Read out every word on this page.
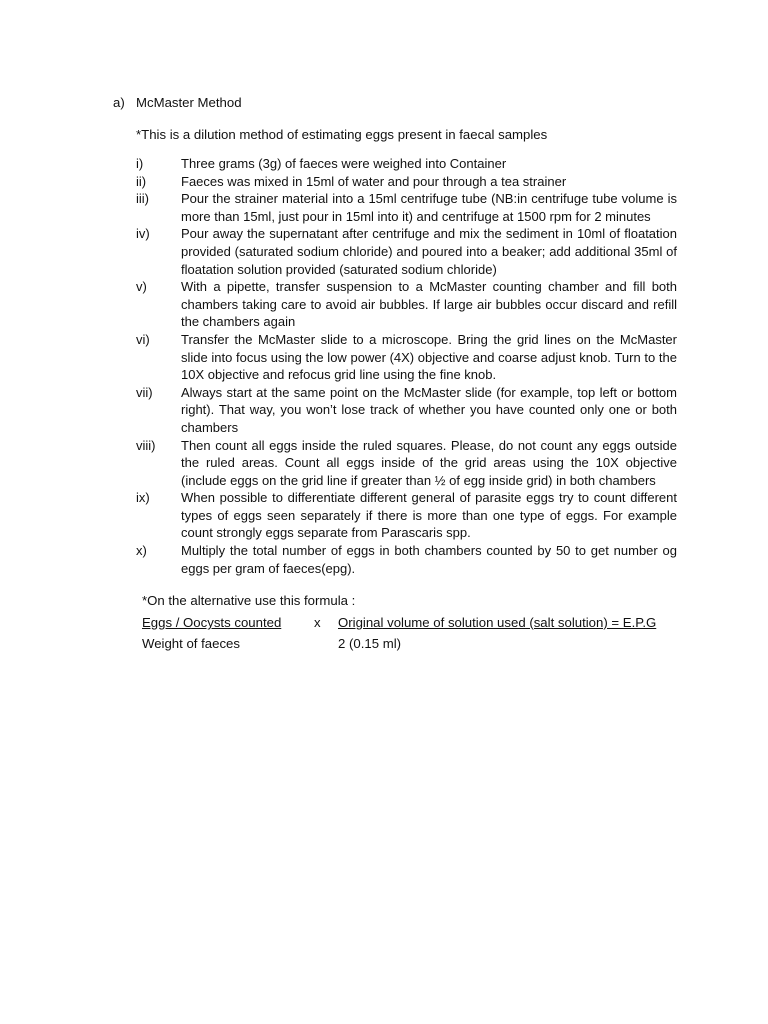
a) McMaster Method
*This is a dilution method of estimating eggs present in faecal samples
i)	Three grams (3g) of faeces were weighed into Container
ii)	Faeces was mixed in 15ml of water and pour through a tea strainer
iii)	Pour the strainer material into a 15ml centrifuge tube (NB:in centrifuge tube volume is more than 15ml, just pour in 15ml into it) and centrifuge at 1500 rpm for 2 minutes
iv)	Pour away the supernatant after centrifuge and mix the sediment in 10ml of floatation provided (saturated sodium chloride) and poured into a beaker; add additional 35ml of floatation solution provided (saturated sodium chloride)
v)	With a pipette, transfer suspension to a McMaster counting chamber and fill both chambers taking care to avoid air bubbles. If large air bubbles occur discard and refill the chambers again
vi)	Transfer the McMaster slide to a microscope. Bring the grid lines on the McMaster slide into focus using the low power (4X) objective and coarse adjust knob. Turn to the 10X objective and refocus grid line using the fine knob.
vii)	Always start at the same point on the McMaster slide (for example, top left or bottom right). That way, you won’t lose track of whether you have counted only one or both chambers
viii)	Then count all eggs inside the ruled squares. Please, do not count any eggs outside the ruled areas. Count all eggs inside of the grid areas using the 10X objective (include eggs on the grid line if greater than ½ of egg inside grid) in both chambers
ix)	When possible to differentiate different general of parasite eggs try to count different types of eggs seen separately if there is more than one type of eggs. For example count strongly eggs separate from Parascaris spp.
x)	Multiply the total number of eggs in both chambers counted by 50 to get number og eggs per gram of faeces(epg).
*On the alternative use this formula :
Eggs / Oocysts counted x Original volume of solution used (salt solution) = E.P.G
Weight of faeces	2 (0.15 ml)
